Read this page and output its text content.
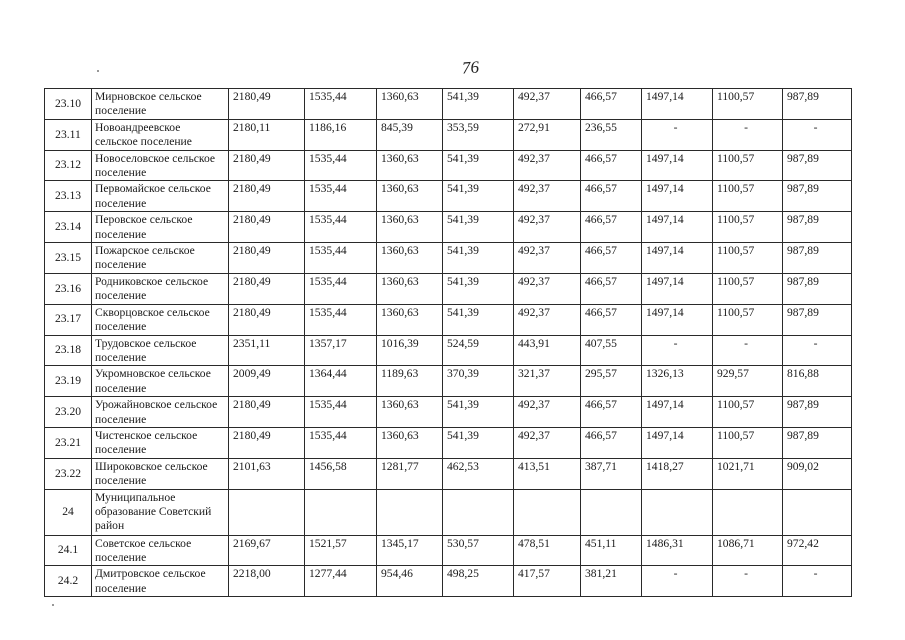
76
23.10	Мирновское сельское поселение	2180,49	1535,44	1360,63	541,39	492,37	466,57	1497,14	1100,57	987,89
23.11	Новоандреевское сельское поселение	2180,11	1186,16	845,39	353,59	272,91	236,55	-	-	-
23.12	Новоселовское сельское поселение	2180,49	1535,44	1360,63	541,39	492,37	466,57	1497,14	1100,57	987,89
23.13	Первомайское сельское поселение	2180,49	1535,44	1360,63	541,39	492,37	466,57	1497,14	1100,57	987,89
23.14	Перовское сельское поселение	2180,49	1535,44	1360,63	541,39	492,37	466,57	1497,14	1100,57	987,89
23.15	Пожарское сельское поселение	2180,49	1535,44	1360,63	541,39	492,37	466,57	1497,14	1100,57	987,89
23.16	Родниковское сельское поселение	2180,49	1535,44	1360,63	541,39	492,37	466,57	1497,14	1100,57	987,89
23.17	Скворцовское сельское поселение	2180,49	1535,44	1360,63	541,39	492,37	466,57	1497,14	1100,57	987,89
23.18	Трудовское сельское поселение	2351,11	1357,17	1016,39	524,59	443,91	407,55	-	-	-
23.19	Укромновское сельское поселение	2009,49	1364,44	1189,63	370,39	321,37	295,57	1326,13	929,57	816,88
23.20	Урожайновское сельское поселение	2180,49	1535,44	1360,63	541,39	492,37	466,57	1497,14	1100,57	987,89
23.21	Чистенское сельское поселение	2180,49	1535,44	1360,63	541,39	492,37	466,57	1497,14	1100,57	987,89
23.22	Широковское сельское поселение	2101,63	1456,58	1281,77	462,53	413,51	387,71	1418,27	1021,71	909,02
24	Муниципальное образование Советский район									
24.1	Советское сельское поселение	2169,67	1521,57	1345,17	530,57	478,51	451,11	1486,31	1086,71	972,42
24.2	Дмитровское сельское поселение	2218,00	1277,44	954,46	498,25	417,57	381,21	-	-	-
